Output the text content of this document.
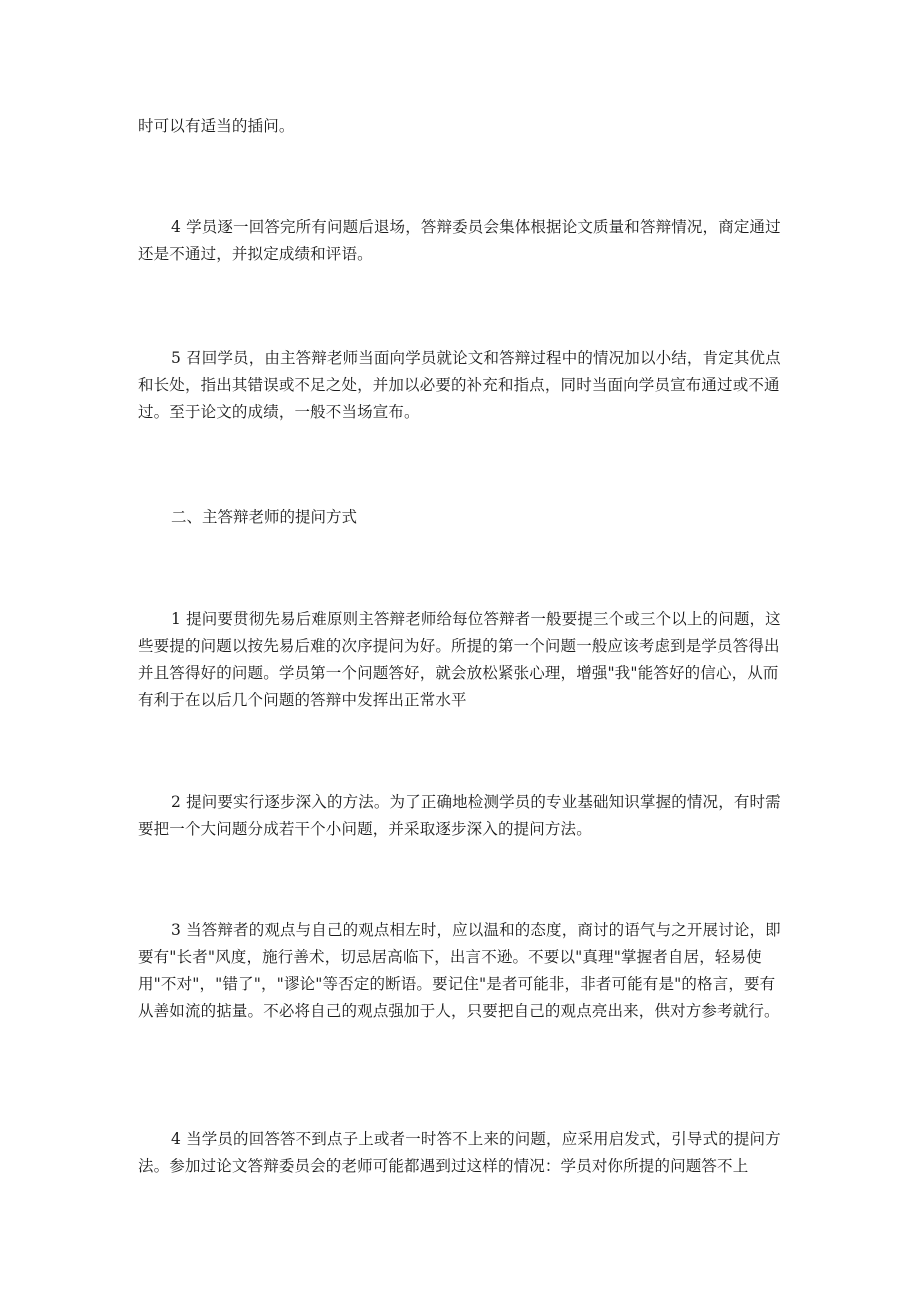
时可以有适当的插问。

4 学员逐一回答完所有问题后退场，答辩委员会集体根据论文质量和答辩情况，商定通过还是不通过，并拟定成绩和评语。

5 召回学员，由主答辩老师当面向学员就论文和答辩过程中的情况加以小结，肯定其优点和长处，指出其错误或不足之处，并加以必要的补充和指点，同时当面向学员宣布通过或不通过。至于论文的成绩，一般不当场宣布。

二、主答辩老师的提问方式

1 提问要贯彻先易后难原则主答辩老师给每位答辩者一般要提三个或三个以上的问题，这些要提的问题以按先易后难的次序提问为好。所提的第一个问题一般应该考虑到是学员答得出并且答得好的问题。学员第一个问题答好，就会放松紧张心理，增强"我"能答好的信心，从而有利于在以后几个问题的答辩中发挥出正常水平

2 提问要实行逐步深入的方法。为了正确地检测学员的专业基础知识掌握的情况，有时需要把一个大问题分成若干个小问题，并采取逐步深入的提问方法。

3 当答辩者的观点与自己的观点相左时，应以温和的态度，商讨的语气与之开展讨论，即要有"长者"风度，施行善术，切忌居高临下，出言不逊。不要以"真理"掌握者自居，轻易使用"不对"，"错了"，"谬论"等否定的断语。要记住"是者可能非，非者可能有是"的格言，要有从善如流的掂量。不必将自己的观点强加于人，只要把自己的观点亮出来，供对方参考就行。

4 当学员的回答答不到点子上或者一时答不上来的问题，应采用启发式，引导式的提问方法。参加过论文答辩委员会的老师可能都遇到过这样的情况：学员对你所提的问题答不上
